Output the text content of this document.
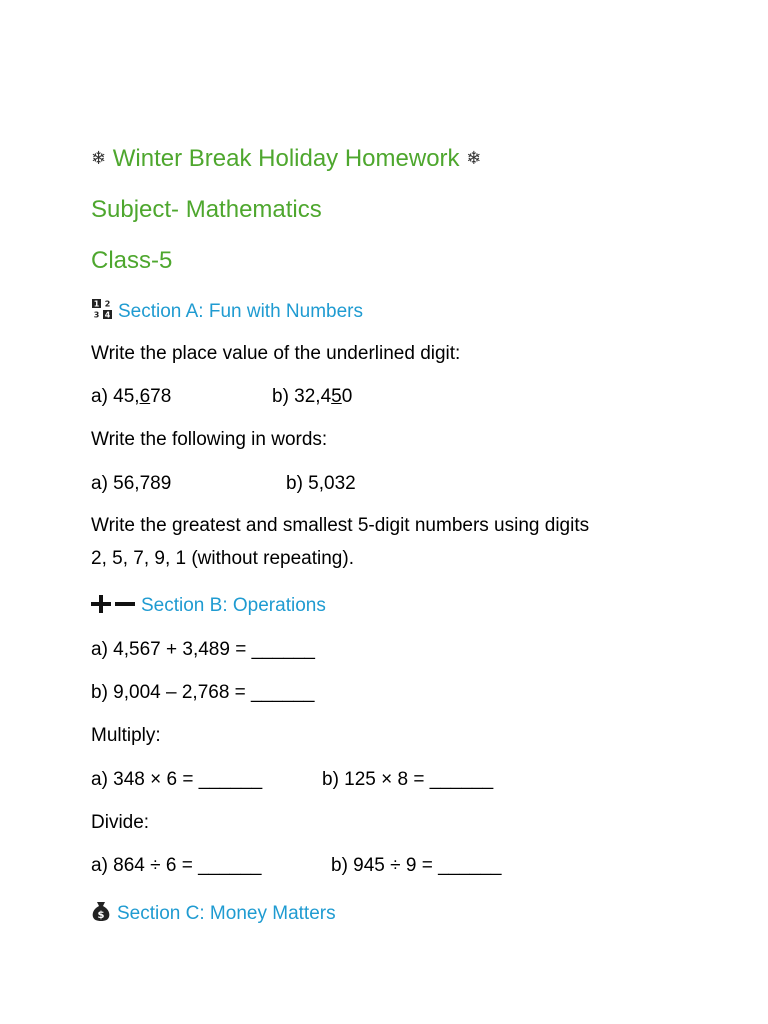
❄ Winter Break Holiday Homework ❄
Subject- Mathematics
Class-5
1 2
3 4 Section A: Fun with Numbers
Write the place value of the underlined digit:
a) 45,678	b) 32,450
Write the following in words:
a) 56,789	b) 5,032
Write the greatest and smallest 5-digit numbers using digits
2, 5, 7, 9, 1 (without repeating).
Section B: Operations
a) 4,567 + 3,489 = ______
b) 9,004 – 2,768 = ______
Multiply:
a) 348 × 6 = ______	b) 125 × 8 = ______
Divide:
a) 864 ÷ 6 = ______	b) 945 ÷ 9 = ______
$ Section C: Money Matters
